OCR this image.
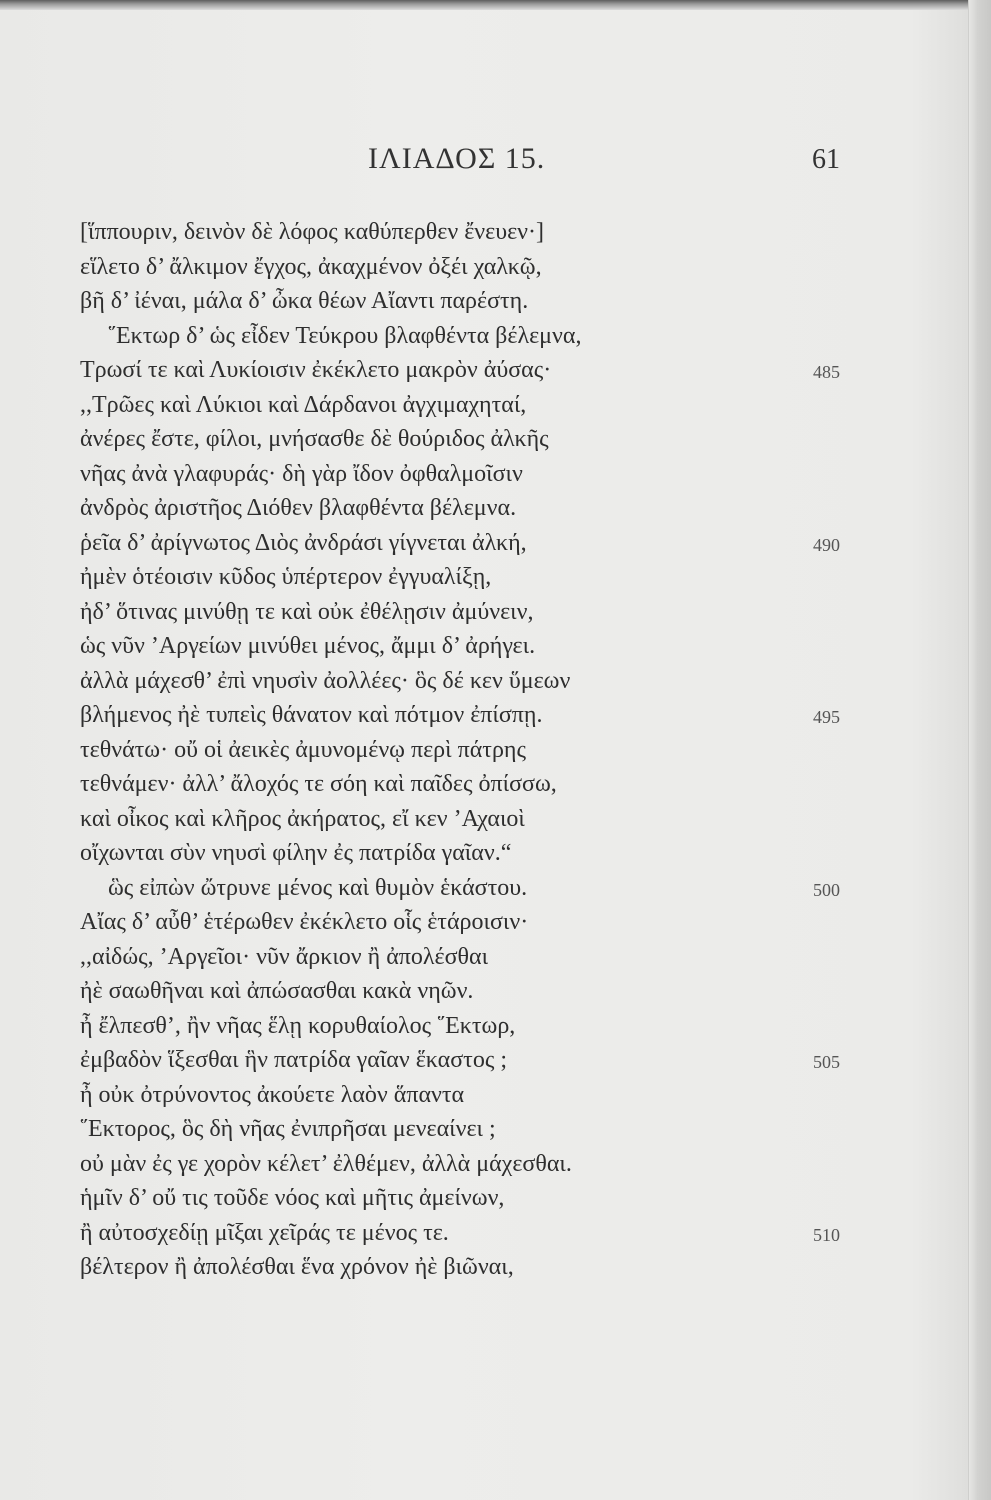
ΙΛΙΑΔΟΣ 15.	61
[ἵππουριν, δεινὸν δὲ λόφος καθύπερθεν ἔνευεν·]
εἵλετο δ’ ἄλκιμον ἔγχος, ἀκαχμένον ὀξέι χαλκῷ,
βῆ δ’ ἰέναι, μάλα δ’ ὦκα θέων Αἴαντι παρέστη.
῞Εκτωρ δ’ ὡς εἶδεν Τεύκρου βλαφθέντα βέλεμνα,
Τρωσί τε καὶ Λυκίοισιν ἐκέκλετο μακρὸν ἀύσας·	485
,,Τρῶες καὶ Λύκιοι καὶ Δάρδανοι ἀγχιμαχηταί,
ἀνέρες ἔστε, φίλοι, μνήσασθε δὲ θούριδος ἀλκῆς
νῆας ἀνὰ γλαφυράς· δὴ γὰρ ἴδον ὀφθαλμοῖσιν
ἀνδρὸς ἀριστῆος Διόθεν βλαφθέντα βέλεμνα.
ῥεῖα δ’ ἀρίγνωτος Διὸς ἀνδράσι γίγνεται ἀλκή,	490
ἠμὲν ὁτέοισιν κῦδος ὑπέρτερον ἐγγυαλίξῃ,
ἠδ’ ὅτινας μινύθῃ τε καὶ οὐκ ἐθέλῃσιν ἀμύνειν,
ὡς νῦν ’Αργείων μινύθει μένος, ἄμμι δ’ ἀρήγει.
ἀλλὰ μάχεσθ’ ἐπὶ νηυσὶν ἀολλέες· ὃς δέ κεν ὕμεων
βλήμενος ἠὲ τυπεὶς θάνατον καὶ πότμον ἐπίσπῃ.	495
τεθνάτω· οὔ οἱ ἀεικὲς ἀμυνομένῳ περὶ πάτρης
τεθνάμεν· ἀλλ’ ἄλοχός τε σόη καὶ παῖδες ὀπίσσω,
καὶ οἶκος καὶ κλῆρος ἀκήρατος, εἴ κεν ’Αχαιοὶ
οἴχωνται σὺν νηυσὶ φίλην ἐς πατρίδα γαῖαν.“
ὣς εἰπὼν ὤτρυνε μένος καὶ θυμὸν ἑκάστου.	500
Αἴας δ’ αὖθ’ ἑτέρωθεν ἐκέκλετο οἷς ἑτάροισιν·
,,αἰδώς, ’Αργεῖοι· νῦν ἄρκιον ἢ ἀπολέσθαι
ἠὲ σαωθῆναι καὶ ἀπώσασθαι κακὰ νηῶν.
ἦ ἔλπεσθ’, ἢν νῆας ἕλῃ κορυθαίολος ῞Εκτωρ,
ἐμβαδὸν ἵξεσθαι ἣν πατρίδα γαῖαν ἕκαστος ;	505
ἦ οὐκ ὀτρύνοντος ἀκούετε λαὸν ἅπαντα
῞Εκτορος, ὃς δὴ νῆας ἐνιπρῆσαι μενεαίνει ;
οὐ μὰν ἐς γε χορὸν κέλετ’ ἐλθέμεν, ἀλλὰ μάχεσθαι.
ἡμῖν δ’ οὔ τις τοῦδε νόος καὶ μῆτις ἀμείνων,
ἢ αὐτοσχεδίῃ μῖξαι χεῖράς τε μένος τε.	510
βέλτερον ἢ ἀπολέσθαι ἕνα χρόνον ἠὲ βιῶναι,
